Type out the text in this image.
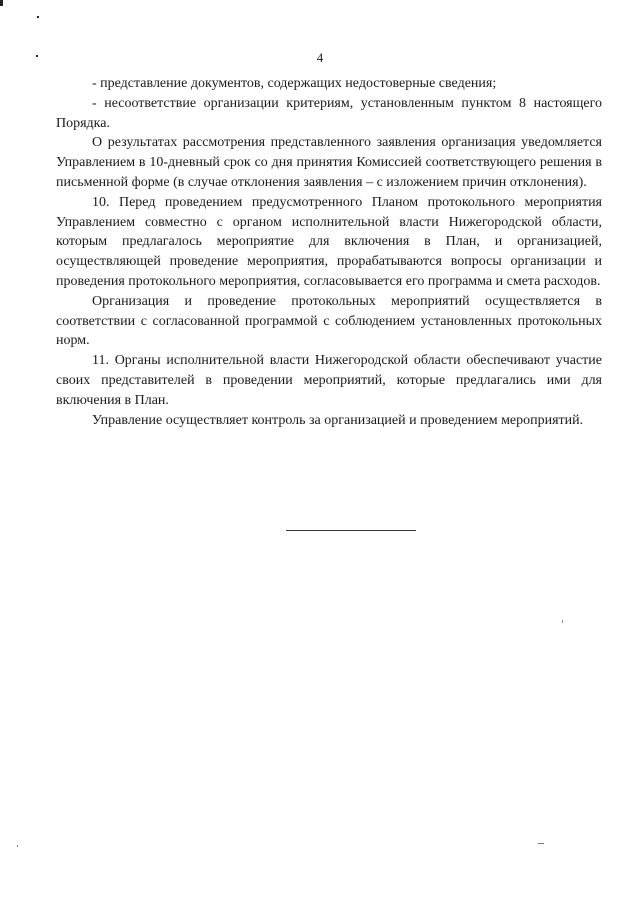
4

- представление документов, содержащих недостоверные сведения;

- несоответствие организации критериям, установленным пунктом 8 настоящего Порядка.

О результатах рассмотрения представленного заявления организация уведомляется Управлением в 10-дневный срок со дня принятия Комиссией соответствующего решения в письменной форме (в случае отклонения заявления – с изложением причин отклонения).

10. Перед проведением предусмотренного Планом протокольного мероприятия Управлением совместно с органом исполнительной власти Нижегородской области, которым предлагалось мероприятие для включения в План, и организацией, осуществляющей проведение мероприятия, прорабатываются вопросы организации и проведения протокольного мероприятия, согласовывается его программа и смета расходов.

Организация и проведение протокольных мероприятий осуществляется в соответствии с согласованной программой с соблюдением установленных протокольных норм.

11. Органы исполнительной власти Нижегородской области обеспечивают участие своих представителей в проведении мероприятий, которые предлагались ими для включения в План.

Управление осуществляет контроль за организацией и проведением мероприятий.
